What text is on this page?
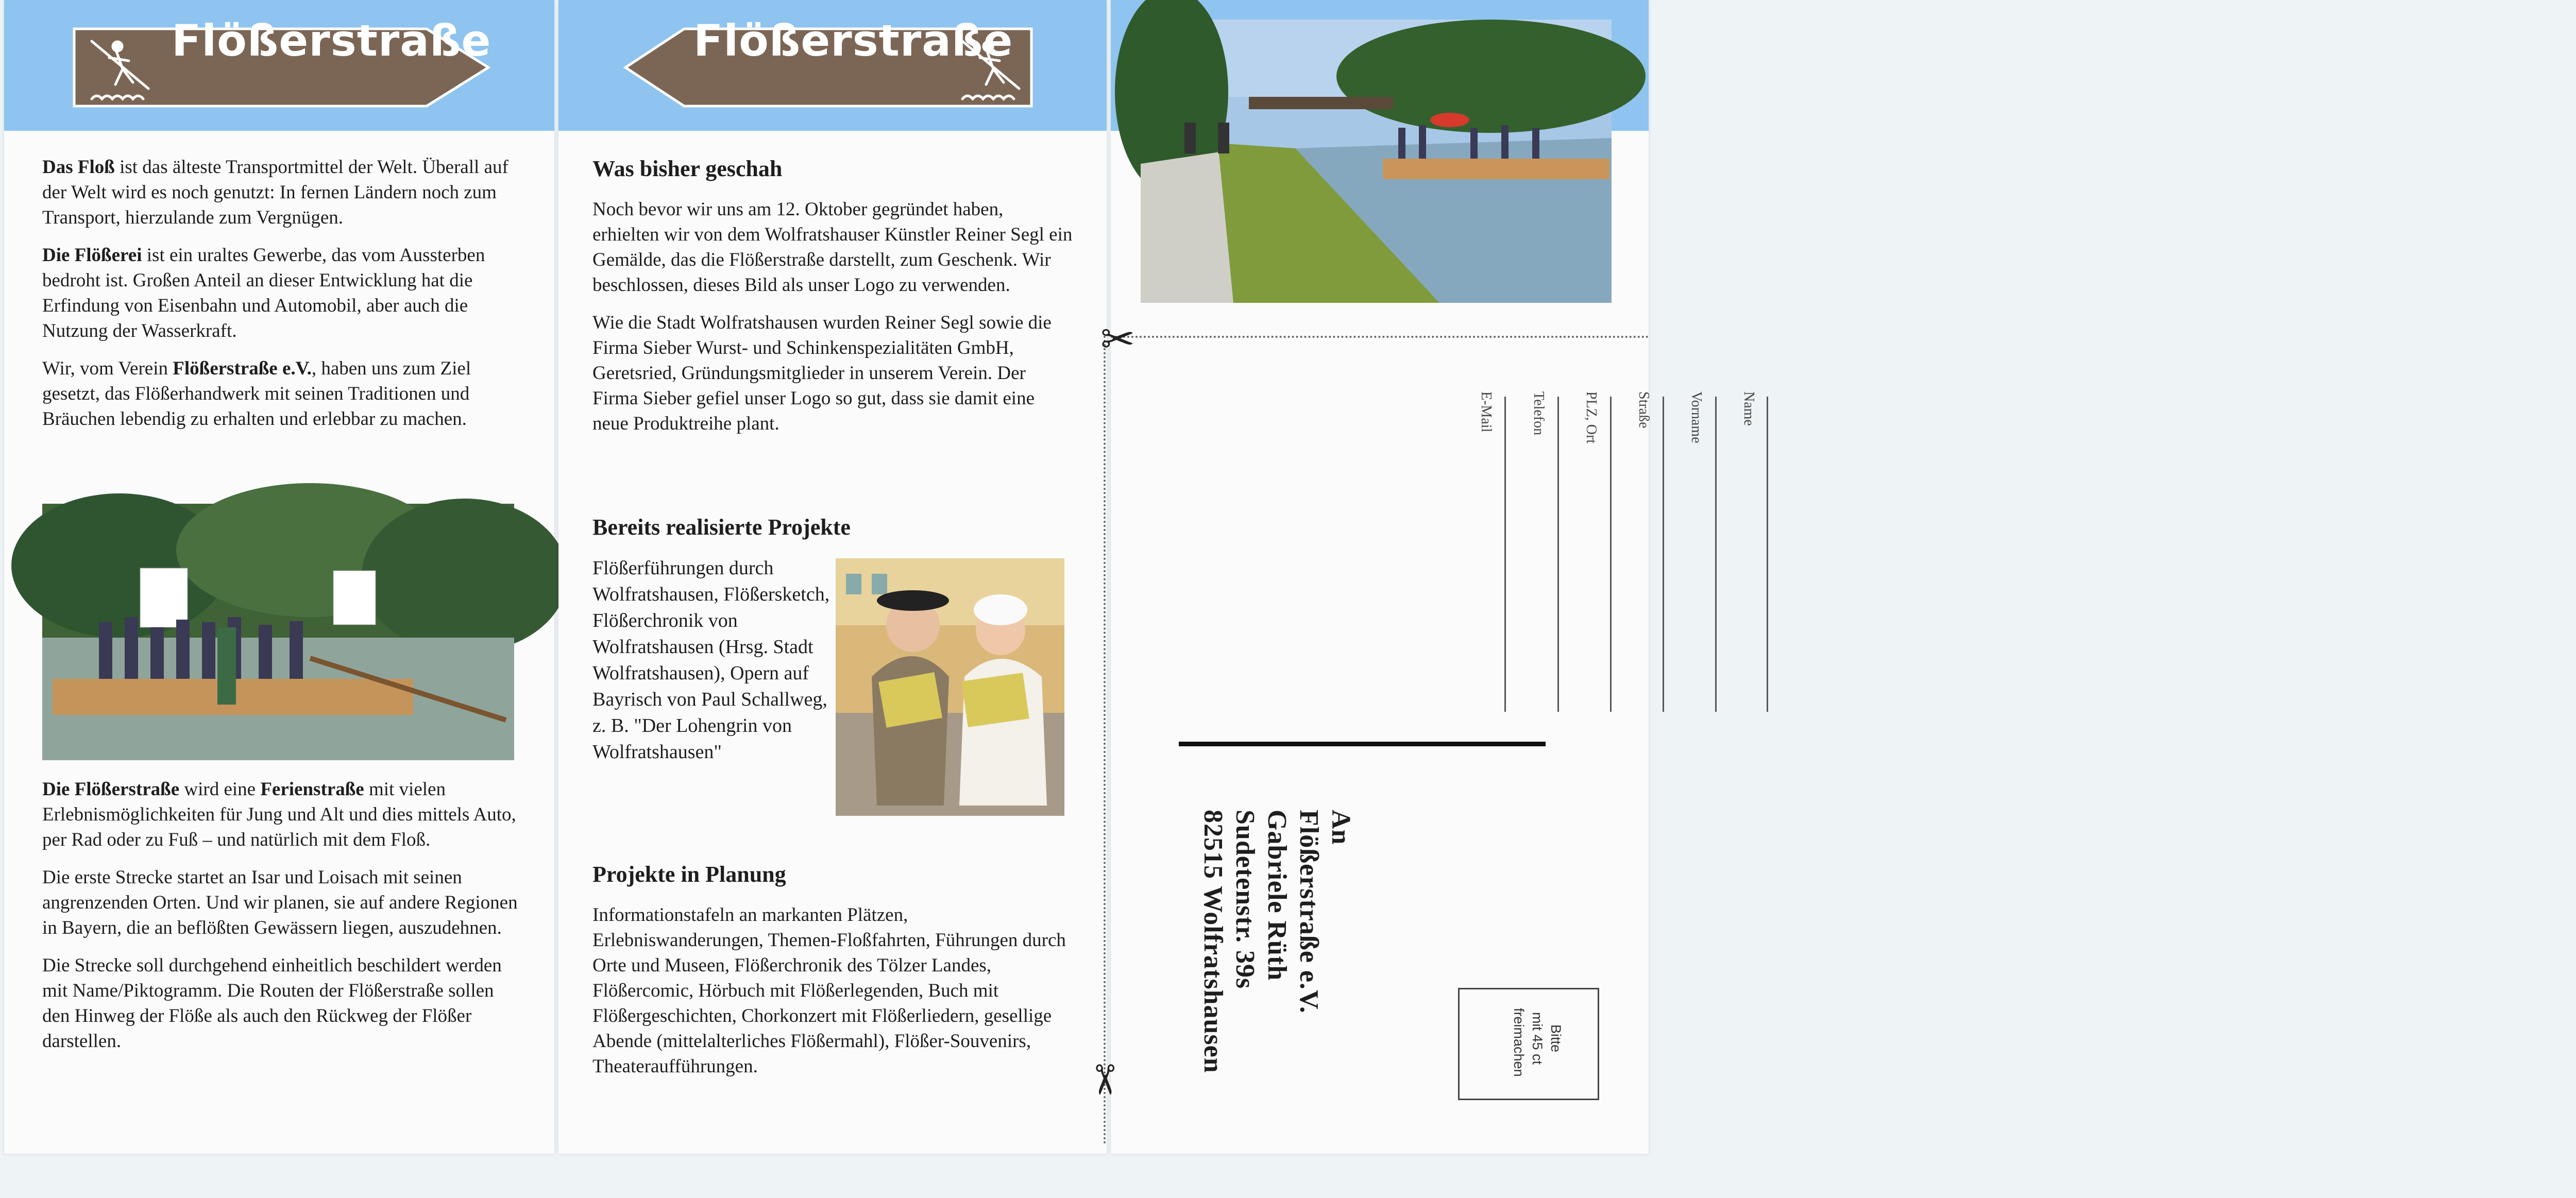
Flößerstraße

Das Floß ist das älteste Transportmittel der Welt. Überall auf der Welt wird es noch genutzt: In fernen Ländern noch zum Transport, hierzulande zum Vergnügen.

Die Flößerei ist ein uraltes Gewerbe, das vom Aussterben bedroht ist. Großen Anteil an dieser Entwicklung hat die Erfindung von Eisenbahn und Automobil, aber auch die Nutzung der Wasserkraft.

Wir, vom Verein Flößerstraße e.V., haben uns zum Ziel gesetzt, das Flößerhandwerk mit seinen Traditionen und Bräuchen lebendig zu erhalten und erlebbar zu machen.

Die Flößerstraße wird eine Ferienstraße mit vielen Erlebnismöglichkeiten für Jung und Alt und dies mittels Auto, per Rad oder zu Fuß – und natürlich mit dem Floß.

Die erste Strecke startet an Isar und Loisach mit seinen angrenzenden Orten. Und wir planen, sie auf andere Regionen in Bayern, die an beflößten Gewässern liegen, auszudehnen.

Die Strecke soll durchgehend einheitlich beschildert werden mit Name/Piktogramm. Die Routen der Flößerstraße sollen den Hinweg der Flöße als auch den Rückweg der Flößer darstellen.

Flößerstraße
Was bisher geschah

Noch bevor wir uns am 12. Oktober gegründet haben, erhielten wir von dem Wolfratshauser Künstler Reiner Segl ein Gemälde, das die Flößerstraße darstellt, zum Geschenk. Wir beschlossen, dieses Bild als unser Logo zu verwenden.

Wie die Stadt Wolfratshausen wurden Reiner Segl sowie die Firma Sieber Wurst- und Schinkenspezialitäten GmbH, Geretsried, Gründungsmitglieder in unserem Verein. Der Firma Sieber gefiel unser Logo so gut, dass sie damit eine neue Produktreihe plant.

Bereits realisierte Projekte
Flößerführungen durch Wolfratshausen, Flößersketch, Flößerchronik von Wolfratshausen (Hrsg. Stadt Wolfratshausen), Opern auf Bayrisch von Paul Schallweg, z. B. "Der Lohengrin von Wolfratshausen"
Projekte in Planung
Informationstafeln an markanten Plätzen, Erlebniswanderungen, Themen-Floßfahrten, Führungen durch Orte und Museen, Flößerchronik des Tölzer Landes, Flößercomic, Hörbuch mit Flößerlegenden, Buch mit Flößergeschichten, Chorkonzert mit Flößerliedern, gesellige Abende (mittelalterliches Flößermahl), Flößer-Souvenirs, Theateraufführungen.
✂
✂
Name
Vorname
Straße
PLZ, Ort
Telefon
E-Mail
An
Flößerstraße e.V.
Gabriele Rüth
Sudetenstr. 39s
82515 Wolfratshausen	Bitte
mit 45 ct
freimachen
